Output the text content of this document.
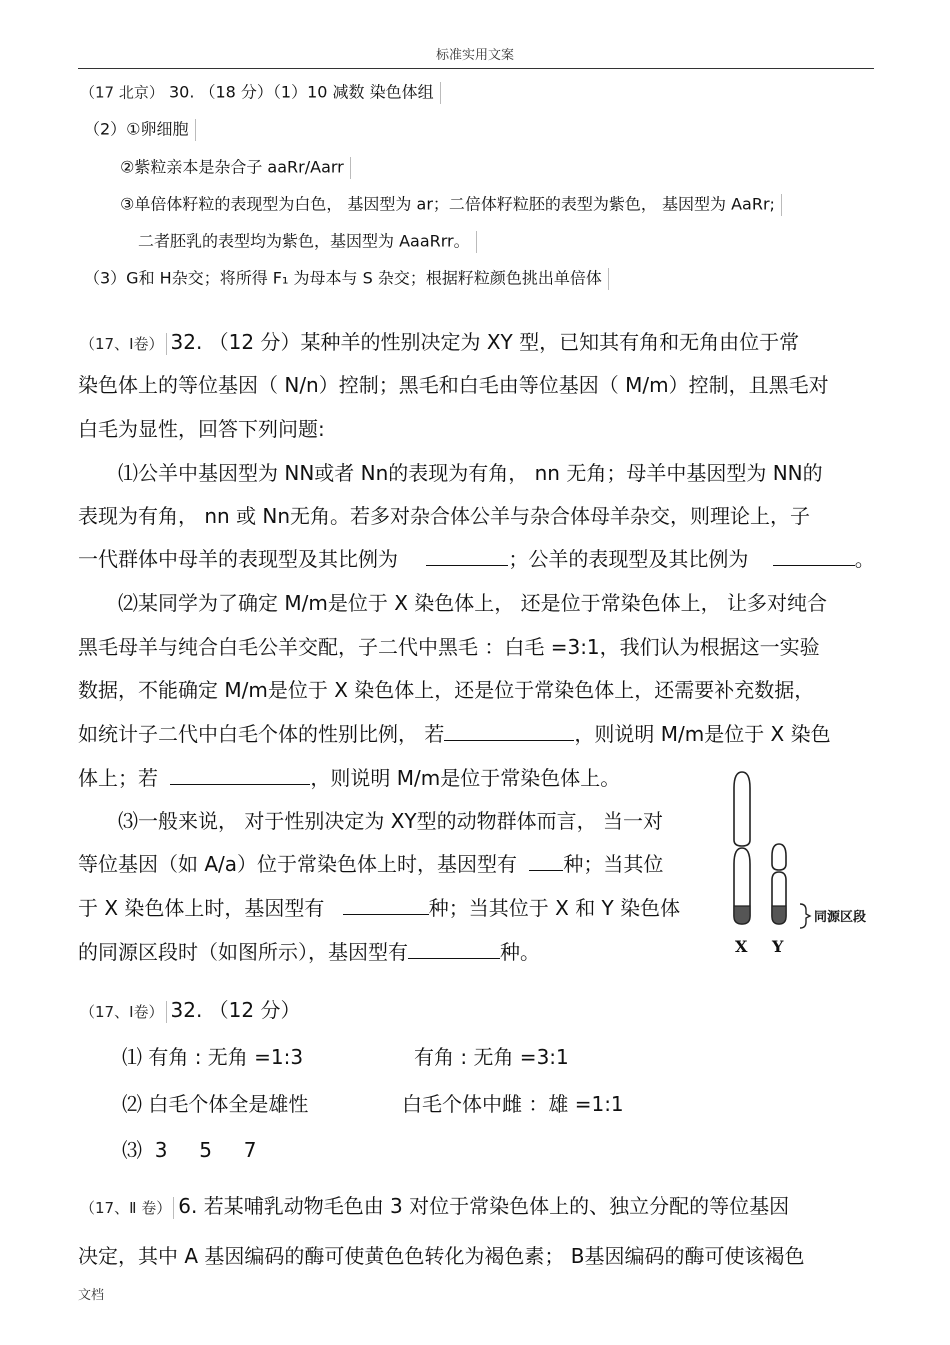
标准实用文案
（17 北京） 30. （18 分）（1）10 减数 染色体组
（2）①卵细胞
②紫粒亲本是杂合子 aaRr/Aarr
③单倍体籽粒的表现型为白色， 基因型为 ar；二倍体籽粒胚的表型为紫色， 基因型为 AaRr;
二者胚乳的表型均为紫色，基因型为 AaaRrr。
（3）G和 H杂交；将所得 F₁ 为母本与 S 杂交；根据籽粒颜色挑出单倍体
（17、Ⅰ卷） 32. （12 分）某种羊的性别决定为 XY 型，已知其有角和无角由位于常
染色体上的等位基因（ N/n）控制；黑毛和白毛由等位基因（ M/m）控制，且黑毛对
白毛为显性，回答下列问题:
⑴公羊中基因型为 NN或者 Nn的表现为有角， nn 无角；母羊中基因型为 NN的
表现为有角， nn 或 Nn无角。若多对杂合体公羊与杂合体母羊杂交，则理论上，子
一代群体中母羊的表现型及其比例为	；公羊的表现型及其比例为	。
⑵某同学为了确定 M/m是位于 X 染色体上， 还是位于常染色体上， 让多对纯合
黑毛母羊与纯合白毛公羊交配，子二代中黑毛 ：白毛 =3:1，我们认为根据这一实验
数据，不能确定 M/m是位于 X 染色体上，还是位于常染色体上，还需要补充数据，
如统计子二代中白毛个体的性别比例， 若	，则说明 M/m是位于 X 染色
体上；若	，则说明 M/m是位于常染色体上。
⑶一般来说， 对于性别决定为 XY型的动物群体而言， 当一对
等位基因（如 A/a）位于常染色体上时，基因型有 种；当其位
于 X 染色体上时，基因型有	种；当其位于 X 和 Y 染色体
的同源区段时（如图所示），基因型有	种。
同源区段
X Y
（17、Ⅰ卷） 32. （12 分）
⑴ 有角 : 无角 =1:3	有角 : 无角 =3:1
⑵ 白毛个体全是雄性	白毛个体中雌 ：雄 =1:1
⑶  3     5     7
（17、Ⅱ 卷） 6. 若某哺乳动物毛色由 3 对位于常染色体上的、独立分配的等位基因
决定，其中 A 基因编码的酶可使黄色色转化为褐色素； B基因编码的酶可使该褐色
文档
